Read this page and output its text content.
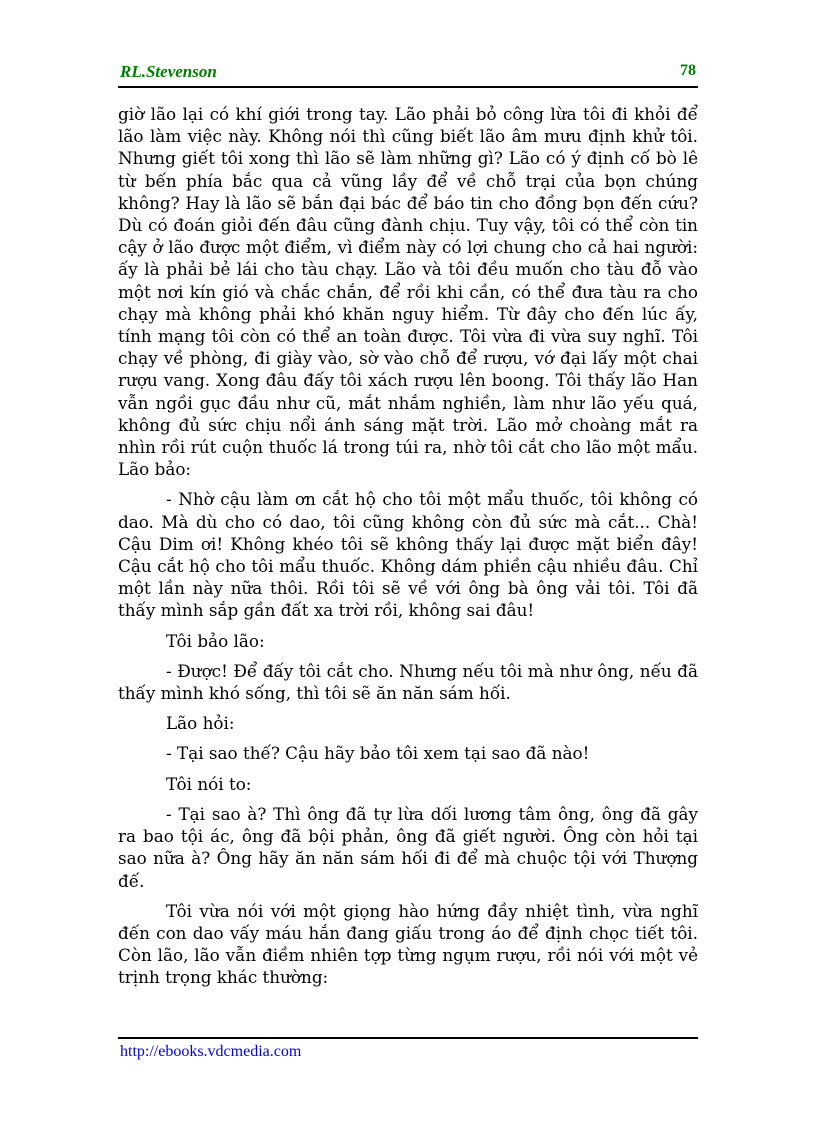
RL.Stevenson	78

giờ lão lại có khí giới trong tay. Lão phải bỏ công lừa tôi đi khỏi để lão làm việc này. Không nói thì cũng biết lão âm mưu định khử tôi. Nhưng giết tôi xong thì lão sẽ làm những gì? Lão có ý định cố bò lê từ bến phía bắc qua cả vũng lầy để về chỗ trại của bọn chúng không? Hay là lão sẽ bắn đại bác để báo tin cho đồng bọn đến cứu? Dù có đoán giỏi đến đâu cũng đành chịu. Tuy vậy, tôi có thể còn tin cậy ở lão được một điểm, vì điểm này có lợi chung cho cả hai người: ấy là phải bẻ lái cho tàu chạy. Lão và tôi đều muốn cho tàu đỗ vào một nơi kín gió và chắc chắn, để rồi khi cần, có thể đưa tàu ra cho chạy mà không phải khó khăn nguy hiểm. Từ đây cho đến lúc ấy, tính mạng tôi còn có thể an toàn được. Tôi vừa đi vừa suy nghĩ. Tôi chạy về phòng, đi giày vào, sờ vào chỗ để rượu, vớ đại lấy một chai rượu vang. Xong đâu đấy tôi xách rượu lên boong. Tôi thấy lão Han vẫn ngồi gục đầu như cũ, mắt nhắm nghiền, làm như lão yếu quá, không đủ sức chịu nổi ánh sáng mặt trời. Lão mở choàng mắt ra nhìn rồi rút cuộn thuốc lá trong túi ra, nhờ tôi cắt cho lão một mẩu. Lão bảo:

- Nhờ cậu làm ơn cắt hộ cho tôi một mẩu thuốc, tôi không có dao. Mà dù cho có dao, tôi cũng không còn đủ sức mà cắt... Chà! Cậu Dim ơi! Không khéo tôi sẽ không thấy lại được mặt biển đây! Cậu cắt hộ cho tôi mẩu thuốc. Không dám phiền cậu nhiều đâu. Chỉ một lần này nữa thôi. Rồi tôi sẽ về với ông bà ông vải tôi. Tôi đã thấy mình sắp gần đất xa trời rồi, không sai đâu!

Tôi bảo lão:

- Được! Để đấy tôi cắt cho. Nhưng nếu tôi mà như ông, nếu đã thấy mình khó sống, thì tôi sẽ ăn năn sám hối.

Lão hỏi:

- Tại sao thế? Cậu hãy bảo tôi xem tại sao đã nào!

Tôi nói to:

- Tại sao à? Thì ông đã tự lừa dối lương tâm ông, ông đã gây ra bao tội ác, ông đã bội phản, ông đã giết người. Ông còn hỏi tại sao nữa à? Ông hãy ăn năn sám hối đi để mà chuộc tội với Thượng đế.

Tôi vừa nói với một giọng hào hứng đầy nhiệt tình, vừa nghĩ đến con dao vấy máu hắn đang giấu trong áo để định chọc tiết tôi. Còn lão, lão vẫn điềm nhiên tợp từng ngụm rượu, rồi nói với một vẻ trịnh trọng khác thường:

http://ebooks.vdcmedia.com
